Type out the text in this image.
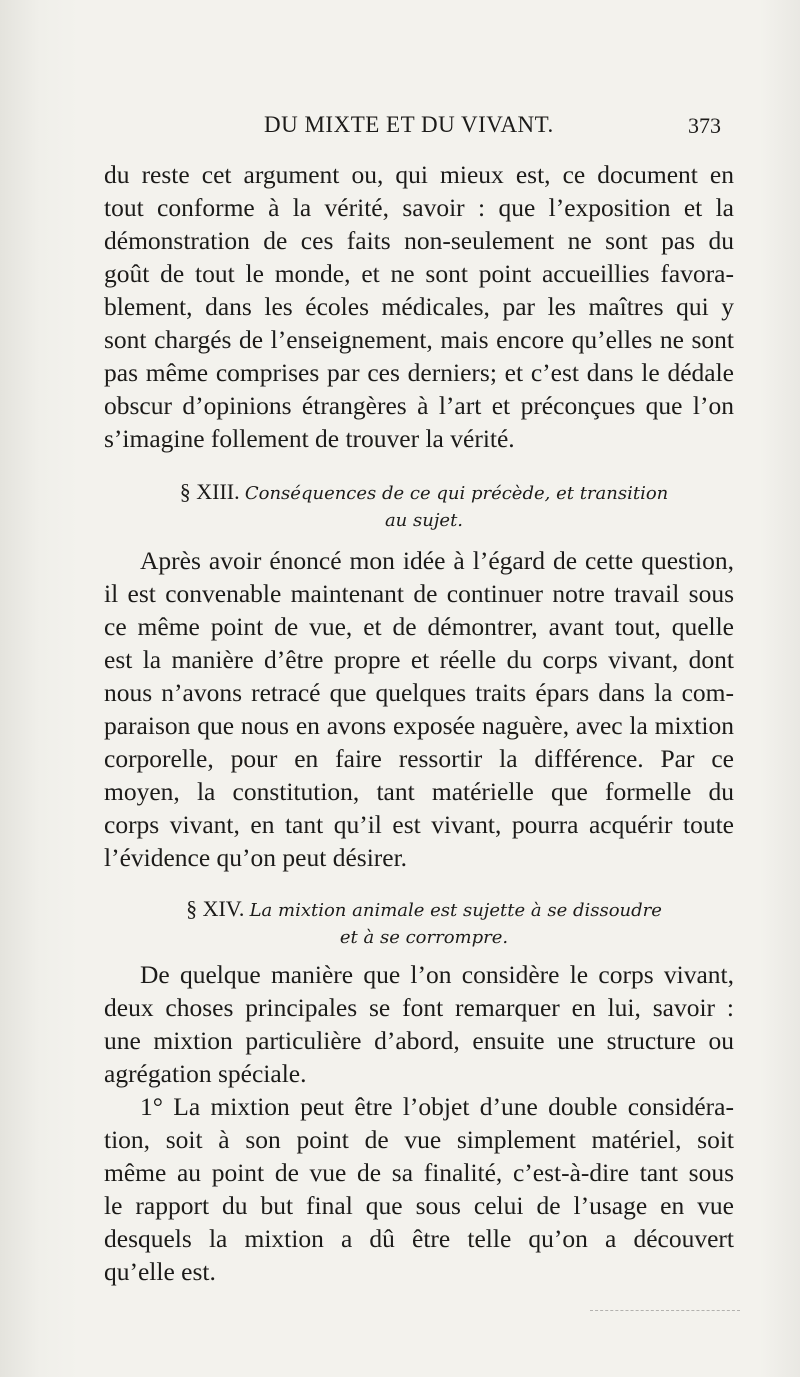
DU MIXTE ET DU VIVANT.	373
du reste cet argument ou, qui mieux est, ce document en
tout conforme à la vérité, savoir : que l’exposition et la
démonstration de ces faits non-seulement ne sont pas du
goût de tout le monde, et ne sont point accueillies favora-
blement, dans les écoles médicales, par les maîtres qui y
sont chargés de l’enseignement, mais encore qu’elles ne sont
pas même comprises par ces derniers; et c’est dans le dédale
obscur d’opinions étrangères à l’art et préconçues que l’on
s’imagine follement de trouver la vérité.
§ XIII. Conséquences de ce qui précède, et transition
au sujet.
Après avoir énoncé mon idée à l’égard de cette question,
il est convenable maintenant de continuer notre travail sous
ce même point de vue, et de démontrer, avant tout, quelle
est la manière d’être propre et réelle du corps vivant, dont
nous n’avons retracé que quelques traits épars dans la com-
paraison que nous en avons exposée naguère, avec la mixtion
corporelle, pour en faire ressortir la différence. Par ce
moyen, la constitution, tant matérielle que formelle du
corps vivant, en tant qu’il est vivant, pourra acquérir toute
l’évidence qu’on peut désirer.
§ XIV. La mixtion animale est sujette à se dissoudre
et à se corrompre.
De quelque manière que l’on considère le corps vivant,
deux choses principales se font remarquer en lui, savoir :
une mixtion particulière d’abord, ensuite une structure ou
agrégation spéciale.
1° La mixtion peut être l’objet d’une double considéra-
tion, soit à son point de vue simplement matériel, soit
même au point de vue de sa finalité, c’est-à-dire tant sous
le rapport du but final que sous celui de l’usage en vue
desquels la mixtion a dû être telle qu’on a découvert
qu’elle est.
